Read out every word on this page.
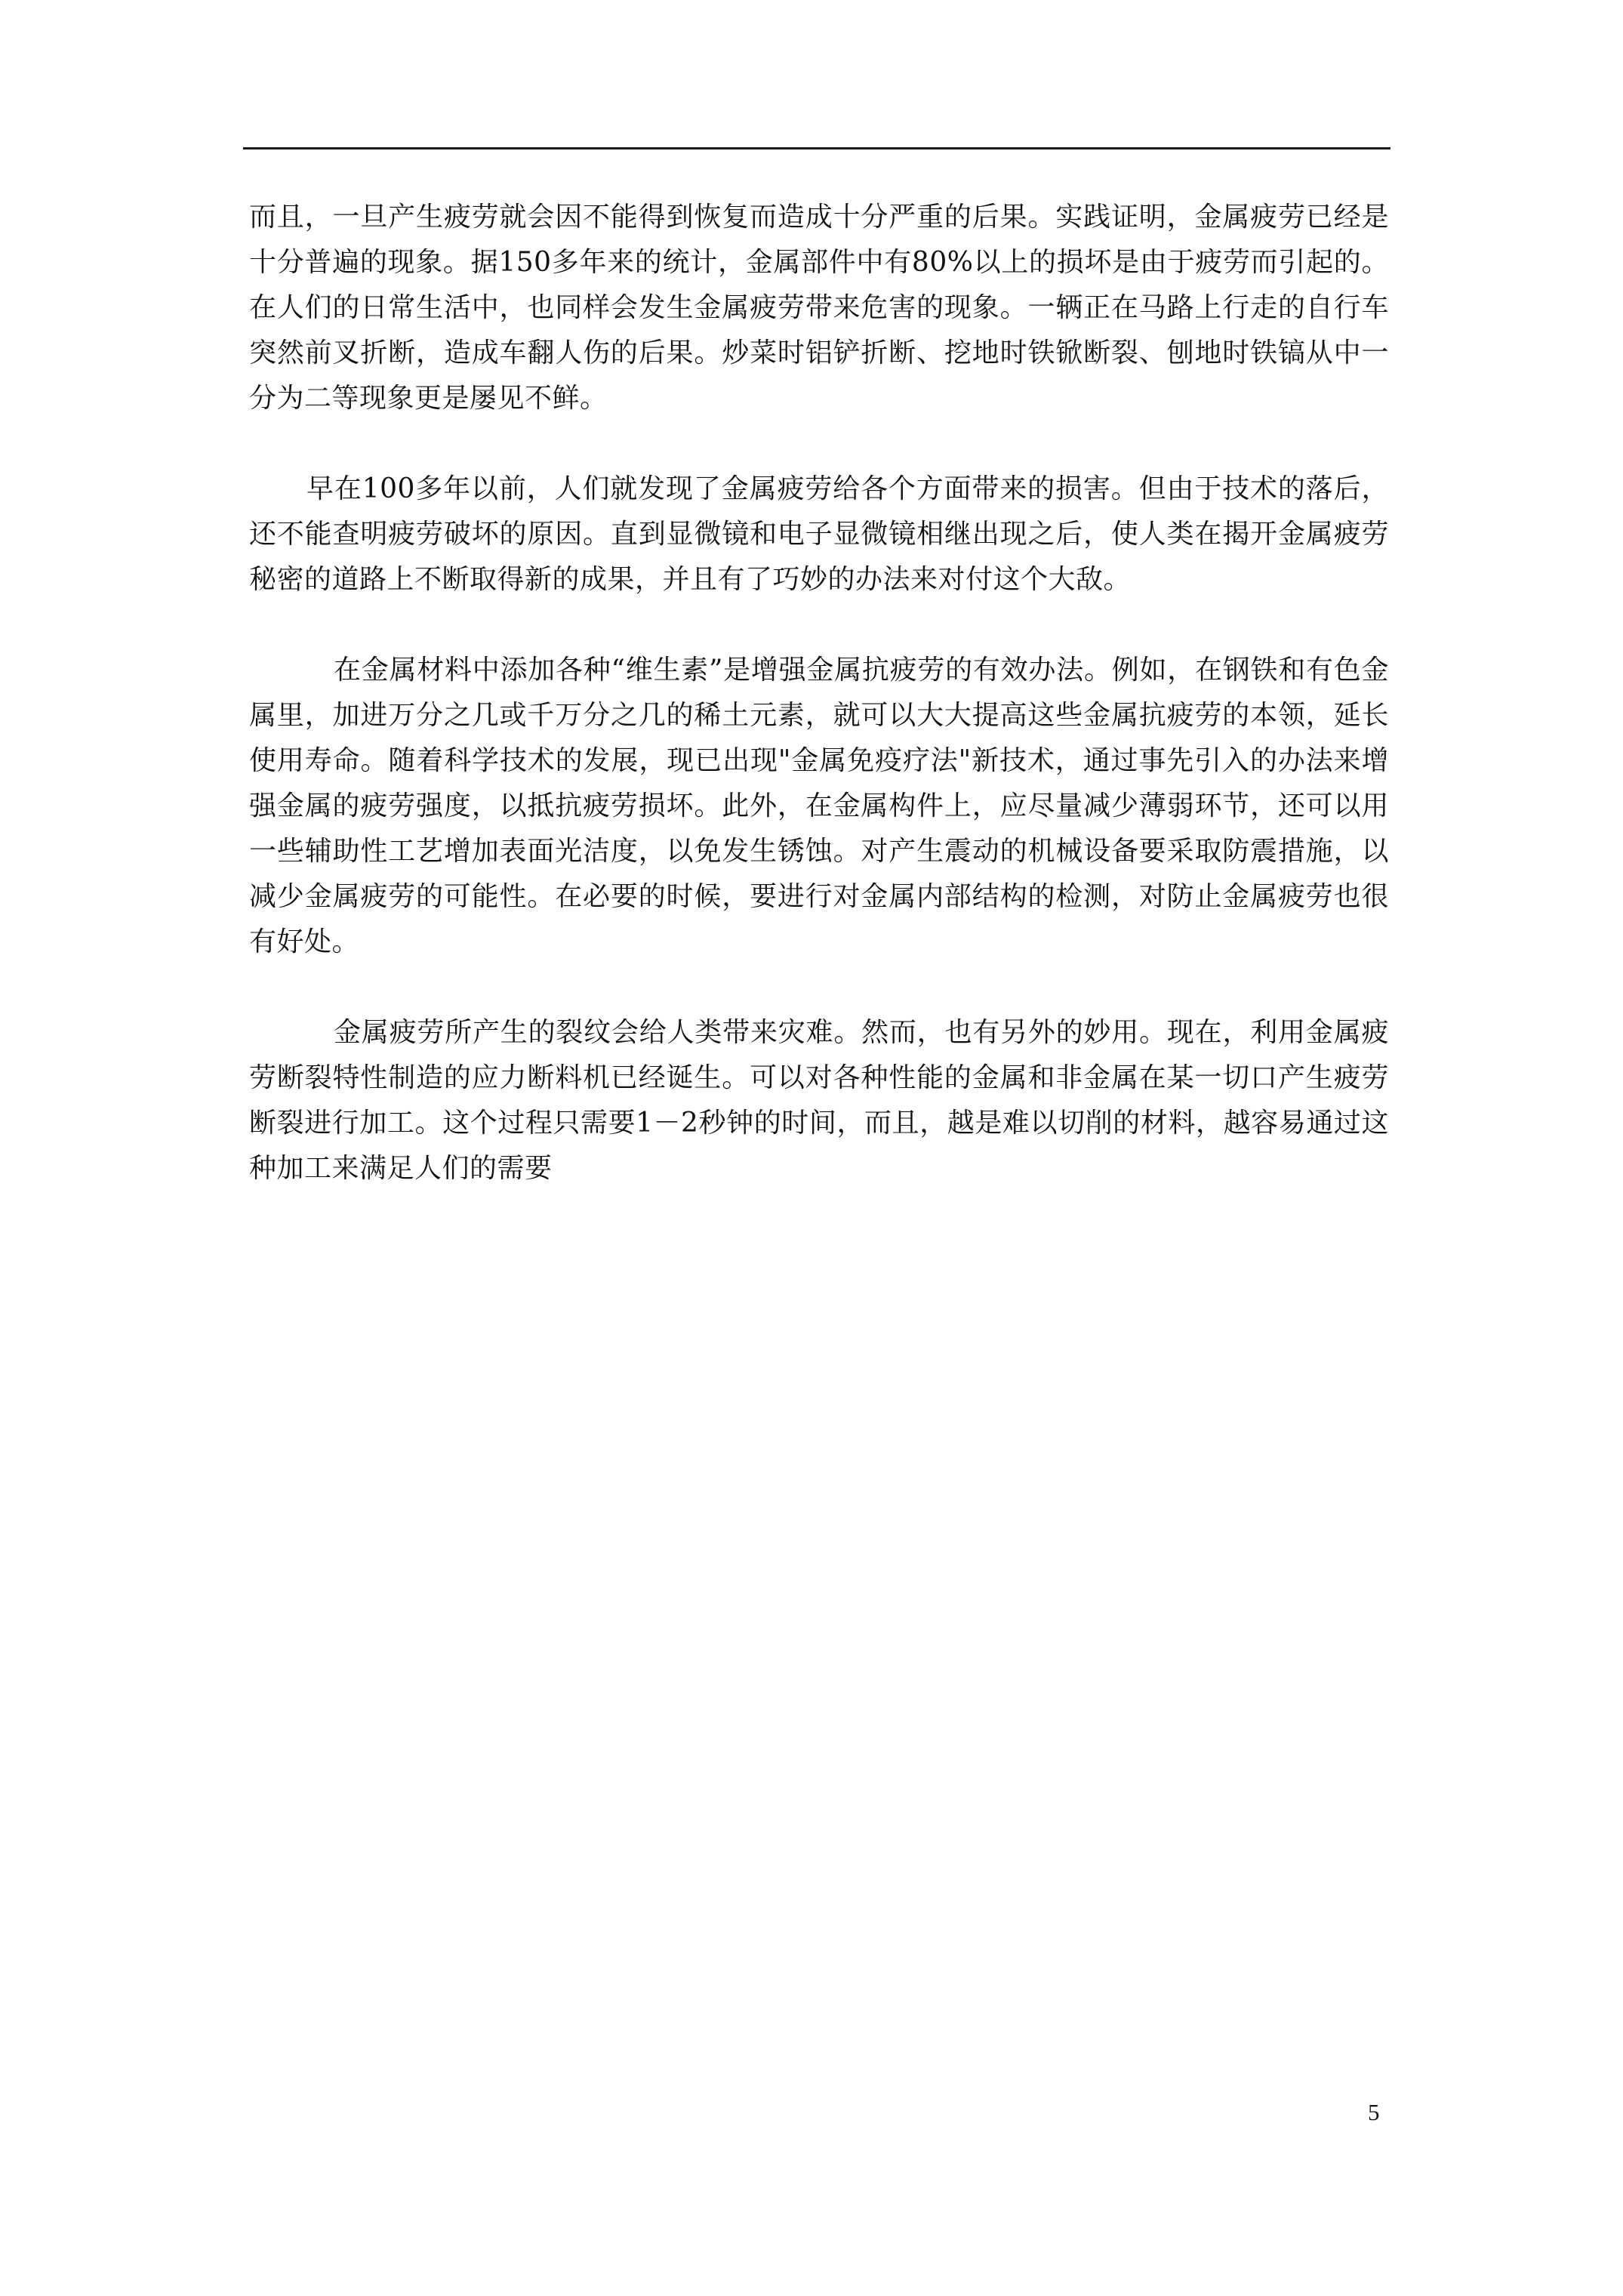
而且，一旦产生疲劳就会因不能得到恢复而造成十分严重的后果。实践证明，金属疲劳已经是十分普遍的现象。据150多年来的统计，金属部件中有80%以上的损坏是由于疲劳而引起的。在人们的日常生活中，也同样会发生金属疲劳带来危害的现象。一辆正在马路上行走的自行车突然前叉折断，造成车翻人伤的后果。炒菜时铝铲折断、挖地时铁锨断裂、刨地时铁镐从中一分为二等现象更是屡见不鲜。

早在100多年以前，人们就发现了金属疲劳给各个方面带来的损害。但由于技术的落后，还不能查明疲劳破坏的原因。直到显微镜和电子显微镜相继出现之后，使人类在揭开金属疲劳秘密的道路上不断取得新的成果，并且有了巧妙的办法来对付这个大敌。

在金属材料中添加各种“维生素”是增强金属抗疲劳的有效办法。例如，在钢铁和有色金属里，加进万分之几或千万分之几的稀土元素，就可以大大提高这些金属抗疲劳的本领，延长使用寿命。随着科学技术的发展，现已出现"金属免疫疗法"新技术，通过事先引入的办法来增强金属的疲劳强度，以抵抗疲劳损坏。此外，在金属构件上，应尽量减少薄弱环节，还可以用一些辅助性工艺增加表面光洁度，以免发生锈蚀。对产生震动的机械设备要采取防震措施，以减少金属疲劳的可能性。在必要的时候，要进行对金属内部结构的检测，对防止金属疲劳也很有好处。

金属疲劳所产生的裂纹会给人类带来灾难。然而，也有另外的妙用。现在，利用金属疲劳断裂特性制造的应力断料机已经诞生。可以对各种性能的金属和非金属在某一切口产生疲劳断裂进行加工。这个过程只需要1－2秒钟的时间，而且，越是难以切削的材料，越容易通过这种加工来满足人们的需要

5
